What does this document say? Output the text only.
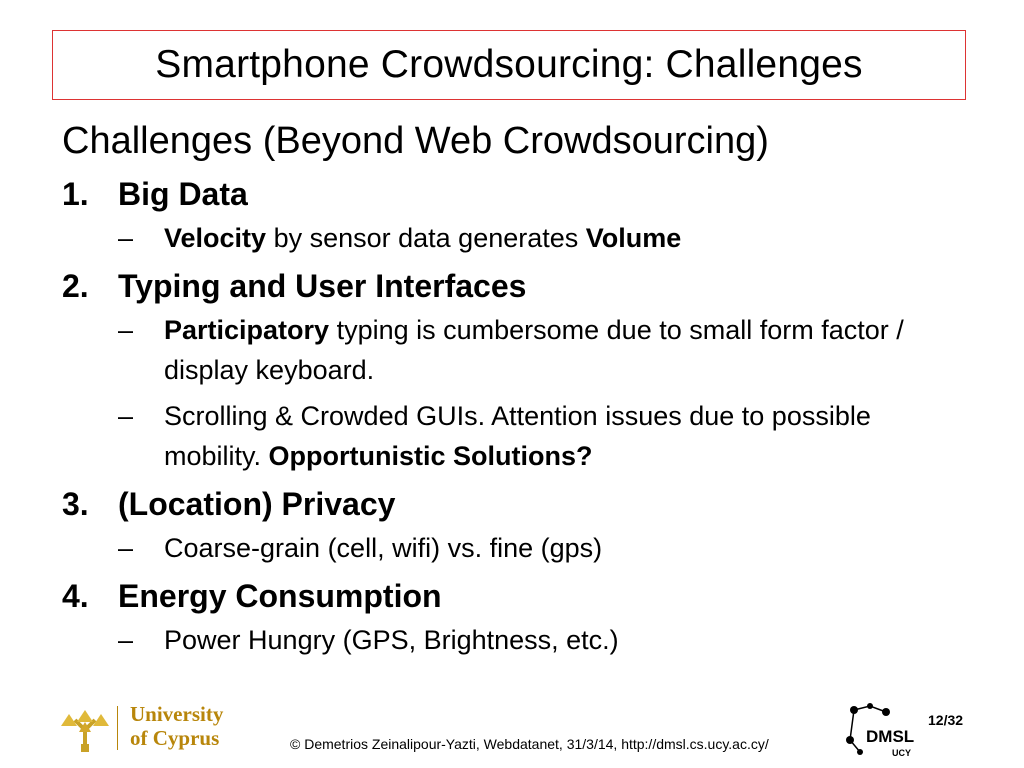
Smartphone Crowdsourcing: Challenges
Challenges (Beyond Web Crowdsourcing)
1. Big Data
– Velocity by sensor data generates Volume
2. Typing and User Interfaces
– Participatory typing is cumbersome due to small form factor / display keyboard.
– Scrolling & Crowded GUIs. Attention issues due to possible mobility. Opportunistic Solutions?
3. (Location) Privacy
– Coarse-grain (cell, wifi) vs. fine (gps)
4. Energy Consumption
– Power Hungry (GPS, Brightness, etc.)
University
of Cyprus	© Demetrios Zeinalipour-Yazti, Webdatanet, 31/3/14, http://dmsl.cs.ucy.ac.cy/	DMSL
UCY
12/32
